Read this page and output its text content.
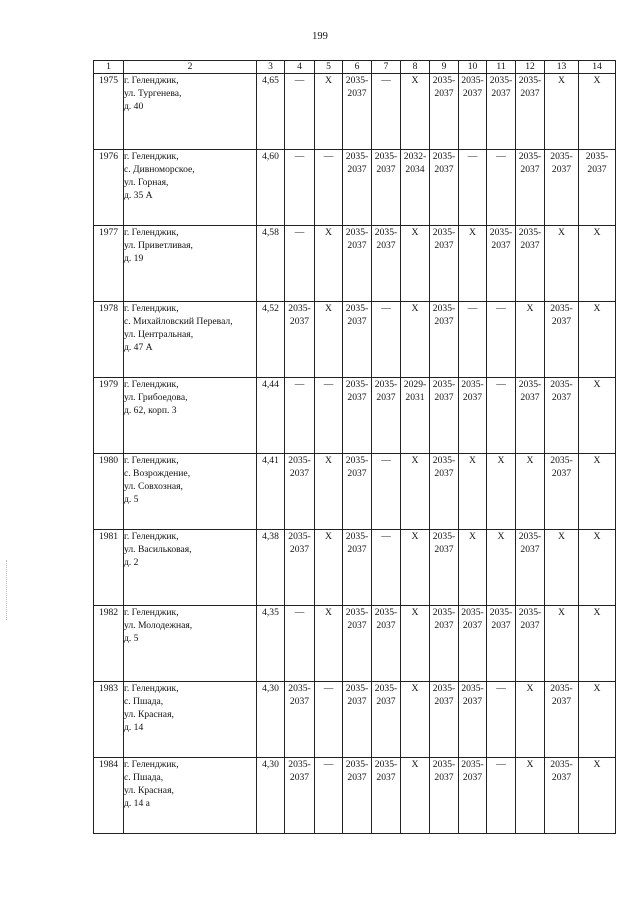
199
1	2	3	4	5	6	7	8	9	10	11	12	13	14
1975	г. Геленджик,
ул. Тургенева,
д. 40	4,65	—	X	2035-
2037	—	X	2035-
2037	2035-
2037	2035-
2037	2035-
2037	X	X
1976	г. Геленджик,
с. Дивноморское,
ул. Горная,
д. 35 А	4,60	—	—	2035-
2037	2035-
2037	2032-
2034	2035-
2037	—	—	2035-
2037	2035-
2037	2035-
2037
1977	г. Геленджик,
ул. Приветливая,
д. 19	4,58	—	X	2035-
2037	2035-
2037	X	2035-
2037	X	2035-
2037	2035-
2037	X	X
1978	г. Геленджик,
с. Михайловский Перевал,
ул. Центральная,
д. 47 А	4,52	2035-
2037	X	2035-
2037	—	X	2035-
2037	—	—	X	2035-
2037	X
1979	г. Геленджик,
ул. Грибоедова,
д. 62, корп. 3	4,44	—	—	2035-
2037	2035-
2037	2029-
2031	2035-
2037	2035-
2037	—	2035-
2037	2035-
2037	X
1980	г. Геленджик,
с. Возрождение,
ул. Совхозная,
д. 5	4,41	2035-
2037	X	2035-
2037	—	X	2035-
2037	X	X	X	2035-
2037	X
1981	г. Геленджик,
ул. Васильковая,
д. 2	4,38	2035-
2037	X	2035-
2037	—	X	2035-
2037	X	X	2035-
2037	X	X
1982	г. Геленджик,
ул. Молодежная,
д. 5	4,35	—	X	2035-
2037	2035-
2037	X	2035-
2037	2035-
2037	2035-
2037	2035-
2037	X	X
1983	г. Геленджик,
с. Пшада,
ул. Красная,
д. 14	4,30	2035-
2037	—	2035-
2037	2035-
2037	X	2035-
2037	2035-
2037	—	X	2035-
2037	X
1984	г. Геленджик,
с. Пшада,
ул. Красная,
д. 14 а	4,30	2035-
2037	—	2035-
2037	2035-
2037	X	2035-
2037	2035-
2037	—	X	2035-
2037	X
